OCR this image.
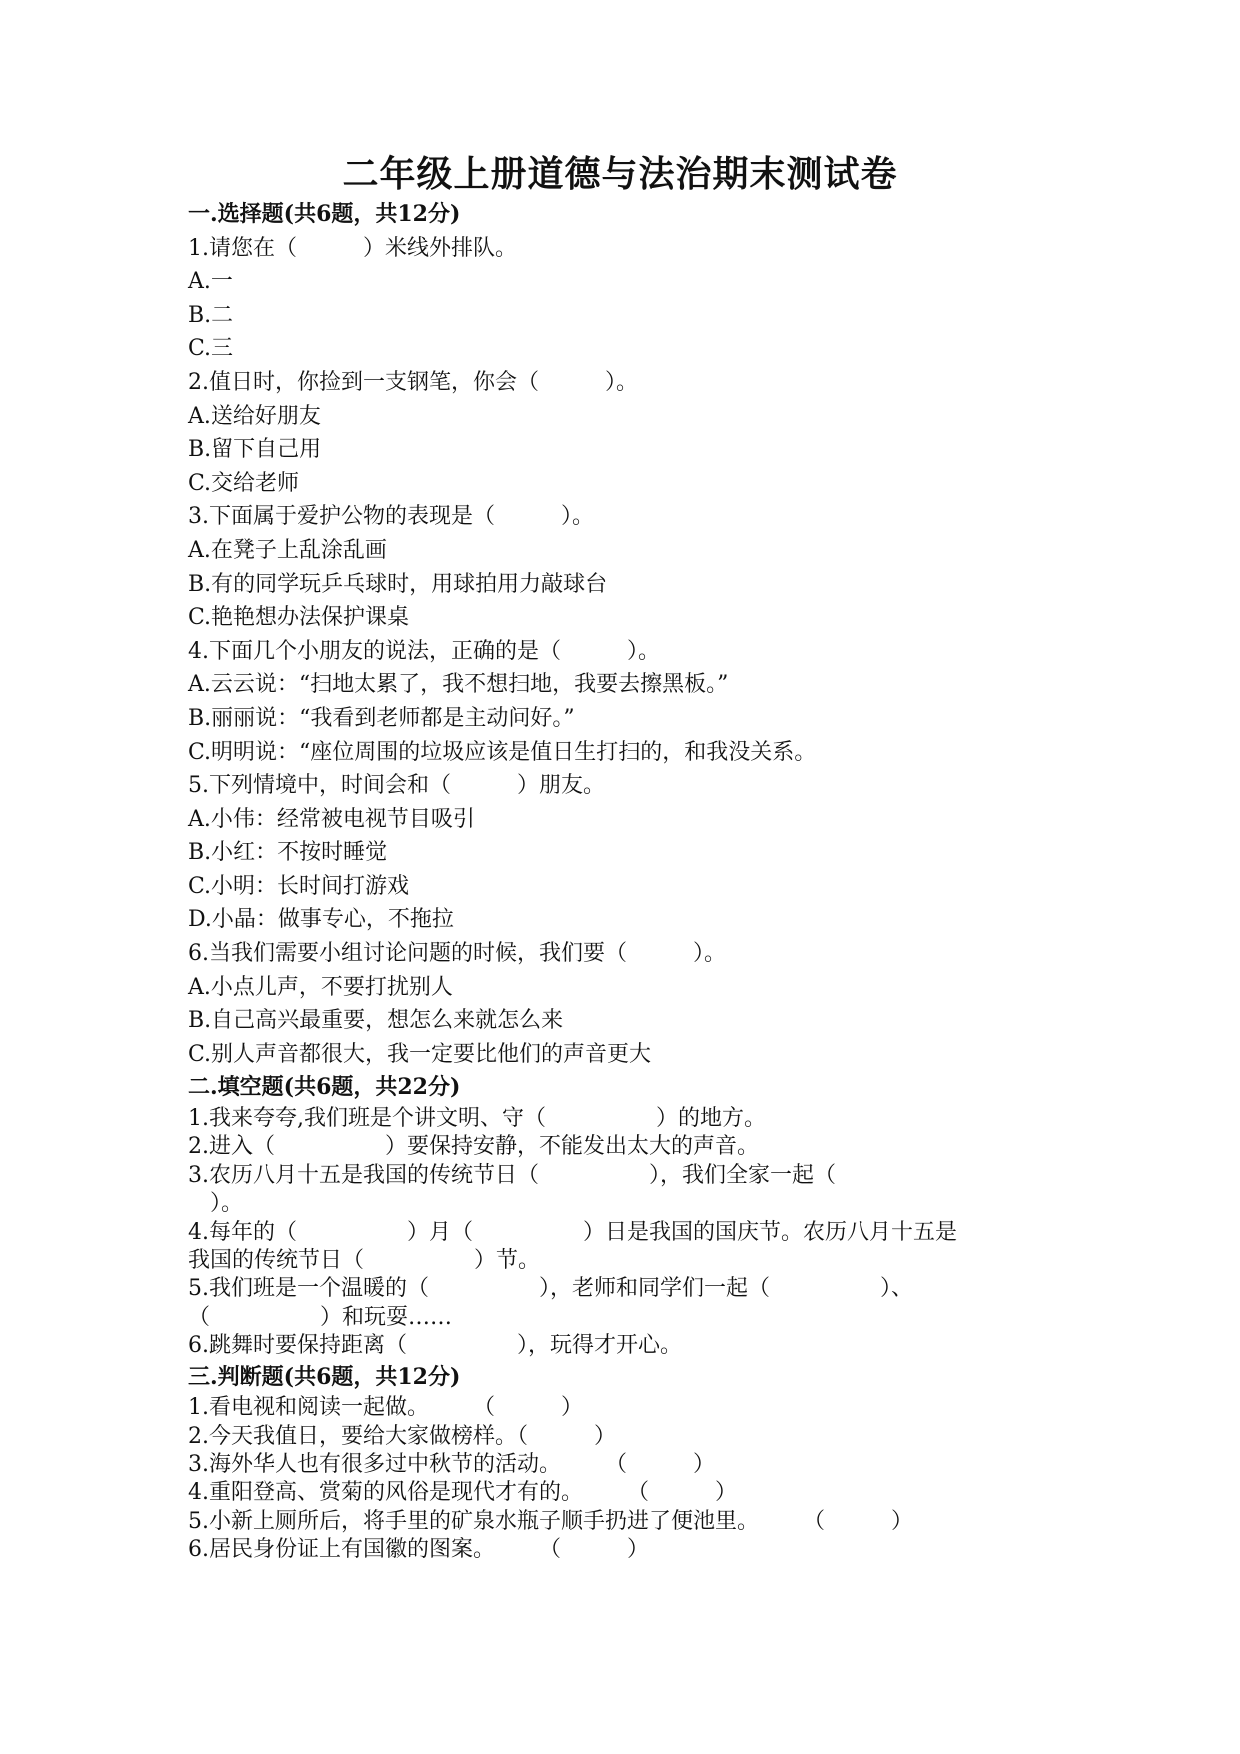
二年级上册道德与法治期末测试卷
一.选择题(共6题，共12分)
1.请您在（　　　）米线外排队。
A.一
B.二
C.三
2.值日时，你捡到一支钢笔，你会（　　　）。
A.送给好朋友
B.留下自己用
C.交给老师
3.下面属于爱护公物的表现是（　　　）。
A.在凳子上乱涂乱画
B.有的同学玩乒乓球时，用球拍用力敲球台
C.艳艳想办法保护课桌
4.下面几个小朋友的说法，正确的是（　　　）。
A.云云说：“扫地太累了，我不想扫地，我要去擦黑板。”
B.丽丽说：“我看到老师都是主动问好。”
C.明明说：“座位周围的垃圾应该是值日生打扫的，和我没关系。
5.下列情境中，时间会和（　　　）朋友。
A.小伟：经常被电视节目吸引
B.小红：不按时睡觉
C.小明：长时间打游戏
D.小晶：做事专心，不拖拉
6.当我们需要小组讨论问题的时候，我们要（　　　）。
A.小点儿声，不要打扰别人
B.自己高兴最重要，想怎么来就怎么来
C.别人声音都很大，我一定要比他们的声音更大
二.填空题(共6题，共22分)
1.我来夸夸,我们班是个讲文明、守（　　　　　）的地方。
2.进入（　　　　　）要保持安静，不能发出太大的声音。
3.农历八月十五是我国的传统节日（　　　　　），我们全家一起（
　）。
4.每年的（　　　　　）月（　　　　　）日是我国的国庆节。农历八月十五是
我国的传统节日（　　　　　）节。
5.我们班是一个温暖的（　　　　　），老师和同学们一起（　　　　　）、
（　　　　　）和玩耍……
6.跳舞时要保持距离（　　　　　），玩得才开心。
三.判断题(共6题，共12分)
1.看电视和阅读一起做。　　　（　　　）
2.今天我值日，要给大家做榜样。（　　　）
3.海外华人也有很多过中秋节的活动。　　　（　　　）
4.重阳登高、赏菊的风俗是现代才有的。　　　（　　　）
5.小新上厕所后，将手里的矿泉水瓶子顺手扔进了便池里。　　　（　　　）
6.居民身份证上有国徽的图案。　　　（　　　）
